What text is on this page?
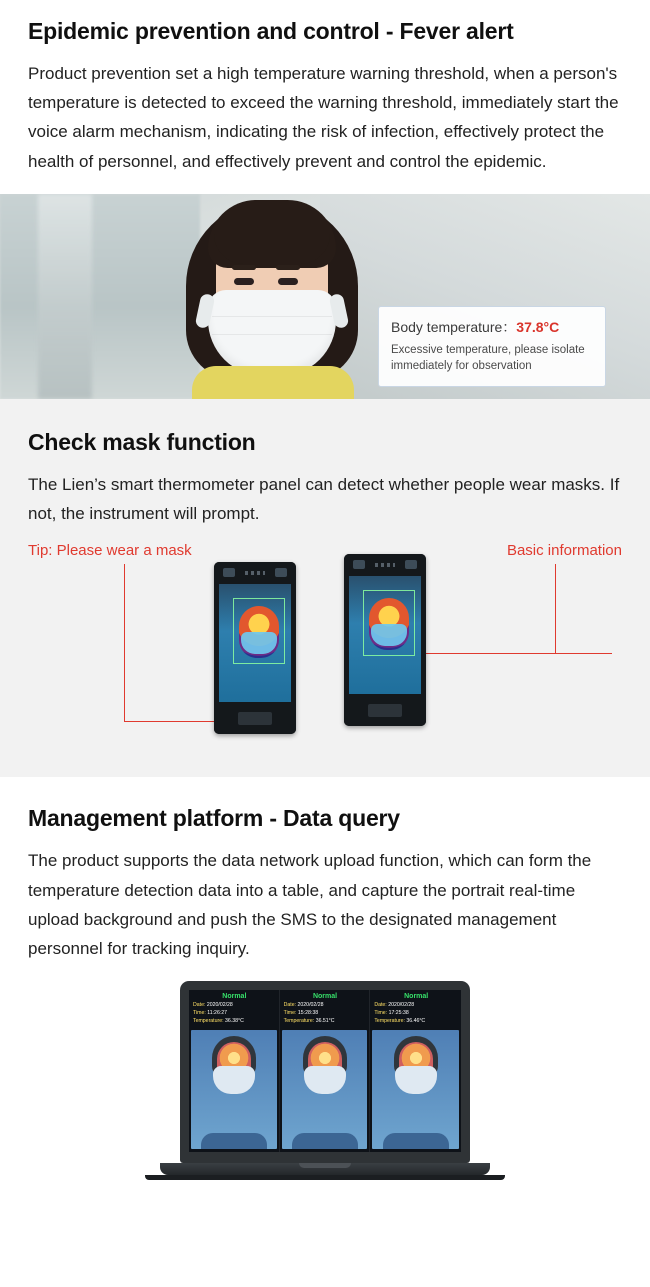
Epidemic prevention and control - Fever alert

Product prevention set a high temperature warning threshold, when a person's temperature is detected to exceed the warning threshold, immediately start the voice alarm mechanism, indicating the risk of infection, effectively protect the health of personnel, and effectively prevent and control the epidemic.

Body temperature：37.8°C
Excessive temperature, please isolate immediately for observation
Check mask function

The Lien’s smart thermometer panel can detect whether people wear masks. If not, the instrument will prompt.

Tip: Please wear a mask	Basic information
Management platform - Data query

The product supports the data network upload function, which can form the temperature detection data into a table, and capture the portrait real-time upload background and push the SMS to the designated management personnel for tracking inquiry.

Normal
Date: 2020/02/28
Time: 11:26:27
Temperature: 36.38°C
Normal
Date: 2020/02/28
Time: 15:28:38
Temperature: 36.51°C
Normal
Date: 2020/02/28
Time: 17:25:38
Temperature: 36.46°C
